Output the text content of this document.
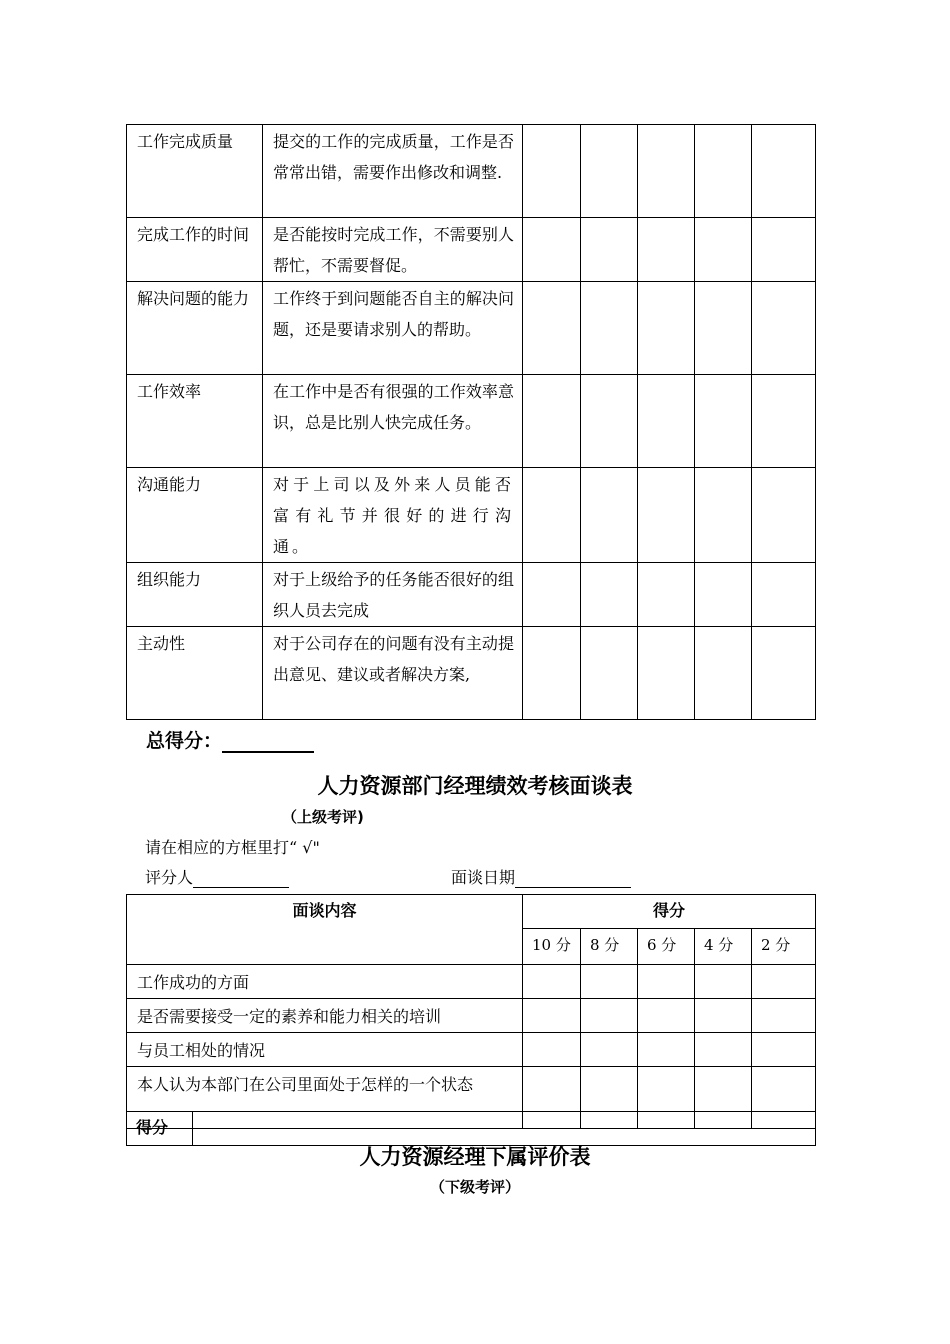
工作完成质量	提交的工作的完成质量，工作是否常常出错，需要作出修改和调整.					
完成工作的时间	是否能按时完成工作，不需要别人帮忙，不需要督促。					
解决问题的能力	工作终于到问题能否自主的解决问题，还是要请求别人的帮助。					
工作效率	在工作中是否有很强的工作效率意识，总是比别人快完成任务。					
沟通能力	对于上司以及外来人员能否富有礼节并很好的进行沟通。					
组织能力	对于上级给予的任务能否很好的组织人员去完成					
主动性	对于公司存在的问题有没有主动提出意见、建议或者解决方案,					
总得分：
人力资源部门经理绩效考核面谈表
（上级考评)
请在相应的方框里打“ √"
评分人	面谈日期
面谈内容	得分				
	10 分	8 分	6 分	4 分	2 分
工作成功的方面					
是否需要接受一定的素养和能力相关的培训					
与员工相处的情况					
本人认为本部门在公司里面处于怎样的一个状态					
得分	
人力资源经理下属评价表
（下级考评）
